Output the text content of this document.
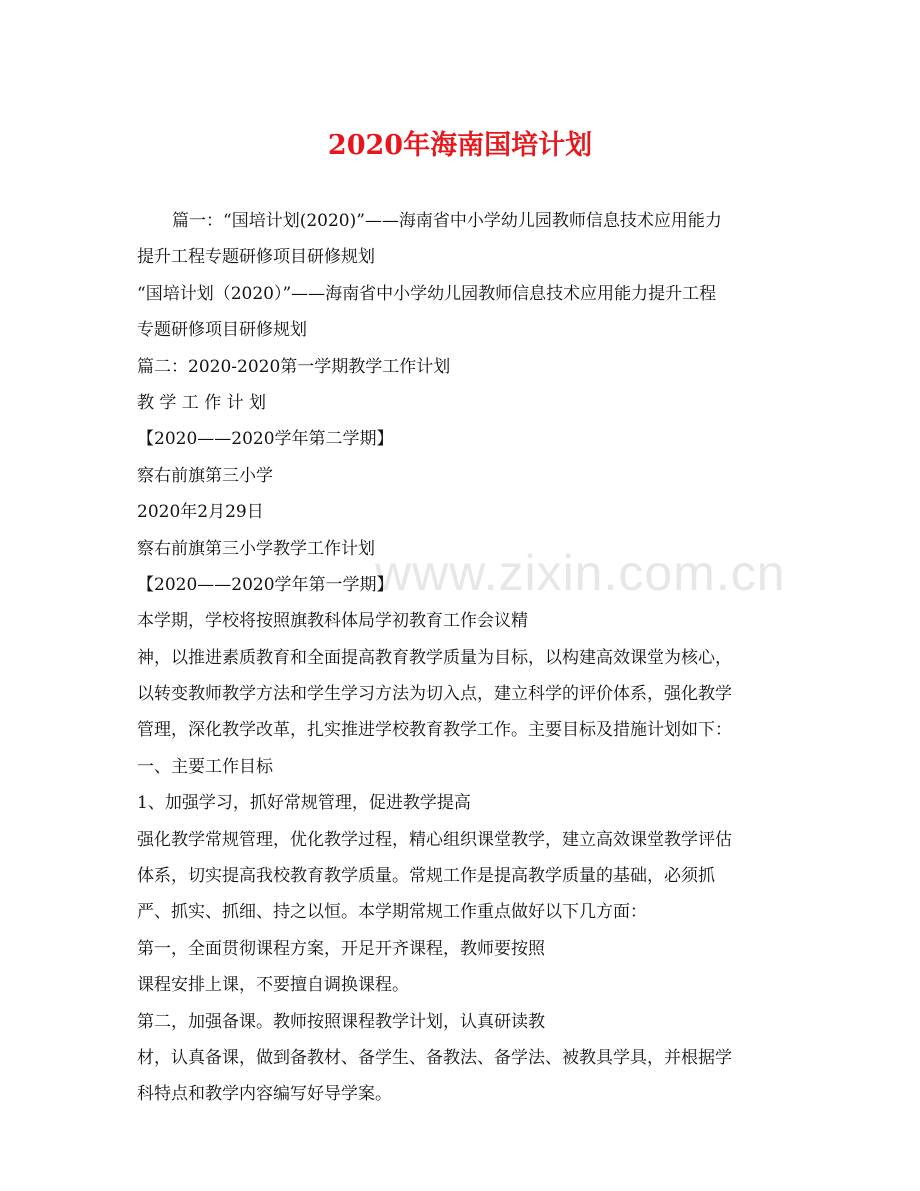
2020年海南国培计划
www.zixin.com.cn
篇一：“国培计划(2020)”——海南省中小学幼儿园教师信息技术应用能力
提升工程专题研修项目研修规划
“国培计划（2020）”——海南省中小学幼儿园教师信息技术应用能力提升工程
专题研修项目研修规划
篇二：2020-2020第一学期教学工作计划
教 学 工 作 计 划
【2020——2020学年第二学期】
察右前旗第三小学
2020年2月29日
察右前旗第三小学教学工作计划
【2020——2020学年第一学期】
本学期，学校将按照旗教科体局学初教育工作会议精
神，以推进素质教育和全面提高教育教学质量为目标，以构建高效课堂为核心，
以转变教师教学方法和学生学习方法为切入点，建立科学的评价体系，强化教学
管理，深化教学改革，扎实推进学校教育教学工作。主要目标及措施计划如下：
一、主要工作目标
1、加强学习，抓好常规管理，促进教学提高
强化教学常规管理，优化教学过程，精心组织课堂教学，建立高效课堂教学评估
体系，切实提高我校教育教学质量。常规工作是提高教学质量的基础，必须抓
严、抓实、抓细、持之以恒。本学期常规工作重点做好以下几方面：
第一，全面贯彻课程方案，开足开齐课程，教师要按照
课程安排上课，不要擅自调换课程。
第二，加强备课。教师按照课程教学计划，认真研读教
材，认真备课，做到备教材、备学生、备教法、备学法、被教具学具，并根据学
科特点和教学内容编写好导学案。
